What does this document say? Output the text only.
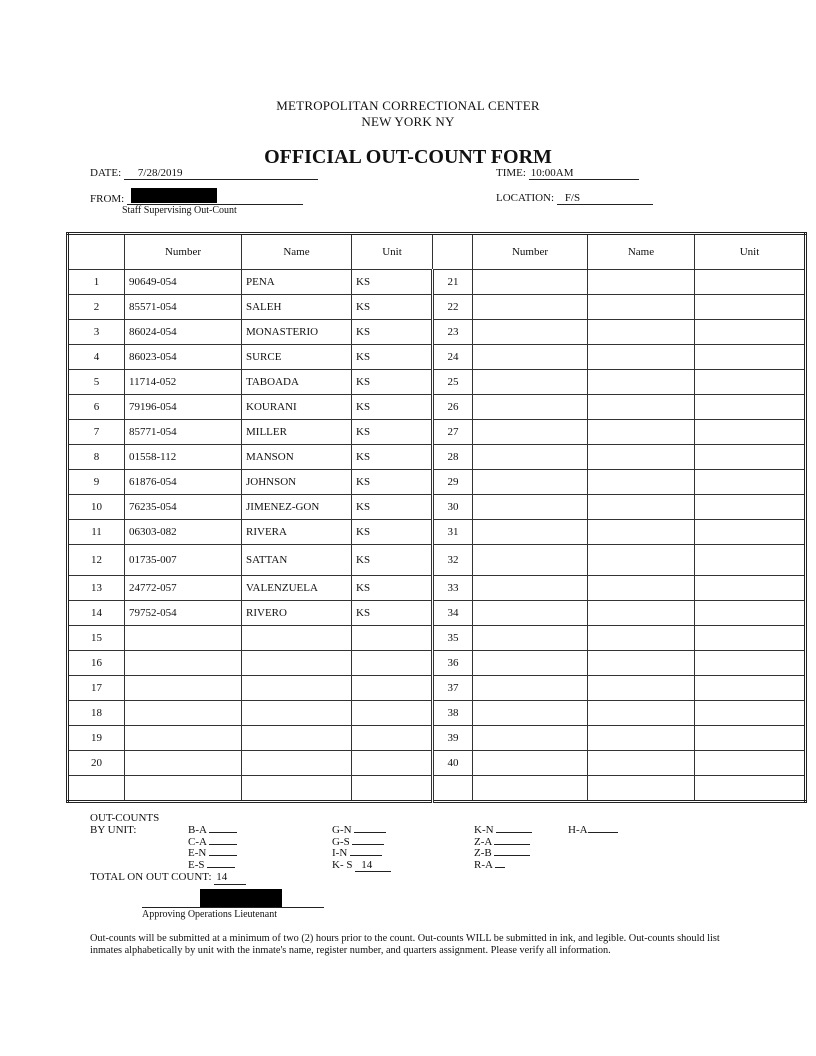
METROPOLITAN CORRECTIONAL CENTER
NEW YORK NY
OFFICIAL OUT-COUNT FORM
DATE: 7/28/2019	TIME: 10:00AM
FROM:
Staff Supervising Out-Count
LOCATION: F/S
	Number	Name	Unit		Number	Name	Unit
1	90649-054	PENA	KS	21			
2	85571-054	SALEH	KS	22			
3	86024-054	MONASTERIO	KS	23			
4	86023-054	SURCE	KS	24			
5	11714-052	TABOADA	KS	25			
6	79196-054	KOURANI	KS	26			
7	85771-054	MILLER	KS	27			
8	01558-112	MANSON	KS	28			
9	61876-054	JOHNSON	KS	29			
10	76235-054	JIMENEZ-GON	KS	30			
11	06303-082	RIVERA	KS	31			
12	01735-007	SATTAN	KS	32			
13	24772-057	VALENZUELA	KS	33			
14	79752-054	RIVERO	KS	34			
15				35			
16				36			
17				37			
18				38			
19				39			
20				40			

OUT-COUNTS
BY UNIT:	B-A
C-A
E-N
E-S
G-N
G-S
I-N
K- S 14
K-N
Z-A
Z-B
R-A
H-A
TOTAL ON OUT COUNT: 14
Approving Operations Lieutenant
Out-counts will be submitted at a minimum of two (2) hours prior to the count. Out-counts WILL be submitted in ink, and legible. Out-counts should list inmates alphabetically by unit with the inmate's name, register number, and quarters assignment. Please verify all information.
